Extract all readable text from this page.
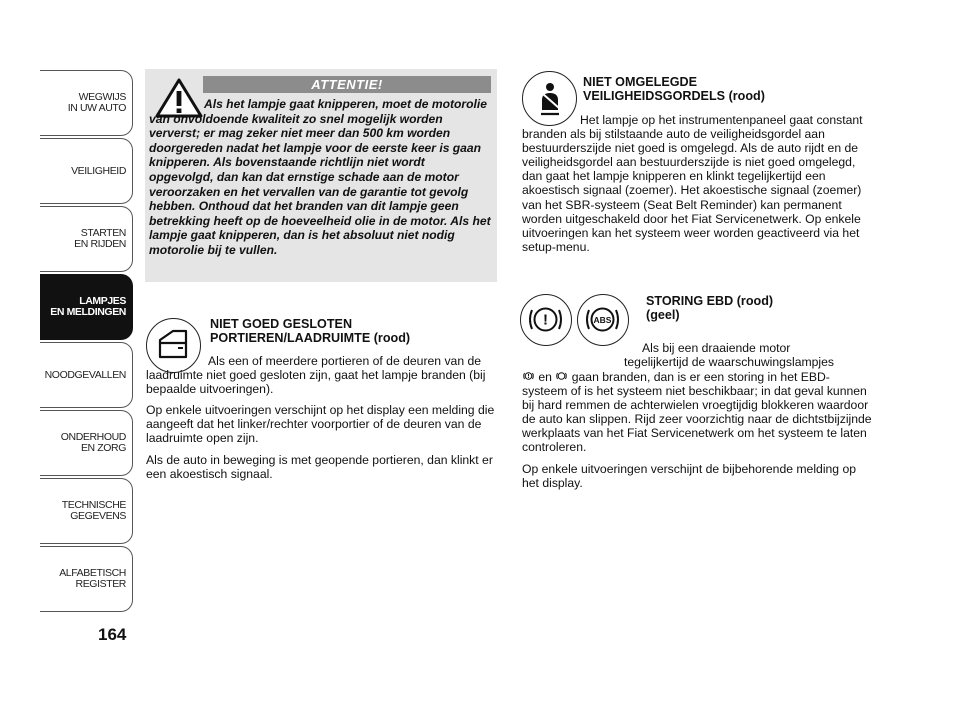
WEGWIJS
IN UW AUTO
VEILIGHEID
STARTEN
EN RIJDEN
LAMPJES
EN MELDINGEN
NOODGEVALLEN
ONDERHOUD
EN ZORG
TECHNISCHE
GEGEVENS
ALFABETISCH
REGISTER
164
ATTENTIE!
Als het lampje gaat knipperen, moet de motorolie van onvoldoende kwaliteit zo snel mogelijk worden ververst; er mag zeker niet meer dan 500 km worden doorgereden nadat het lampje voor de eerste keer is gaan knipperen. Als bovenstaande richtlijn niet wordt opgevolgd, dan kan dat ernstige schade aan de motor veroorzaken en het vervallen van de garantie tot gevolg hebben. Onthoud dat het branden van dit lampje geen betrekking heeft op de hoeveelheid olie in de motor. Als het lampje gaat knipperen, dan is het absoluut niet nodig motorolie bij te vullen.
NIET GOED GESLOTEN
PORTIEREN/LAADRUIMTE (rood)

Als een of meerdere portieren of de deuren van de laadruimte niet goed gesloten zijn, gaat het lampje branden (bij bepaalde uitvoeringen).

Op enkele uitvoeringen verschijnt op het display een melding die aangeeft dat het linker/rechter voorportier of de deuren van de laadruimte open zijn.

Als de auto in beweging is met geopende portieren, dan klinkt er een akoestisch signaal.

NIET OMGELEGDE
VEILIGHEIDSGORDELS (rood)

Het lampje op het instrumentenpaneel gaat constant branden als bij stilstaande auto de veiligheidsgordel aan bestuurderszijde niet goed is omgelegd. Als de auto rijdt en de veiligheidsgordel aan bestuurderszijde is niet goed omgelegd, dan gaat het lampje knipperen en klinkt tegelijkertijd een akoestisch signaal (zoemer). Het akoestische signaal (zoemer) van het SBR-systeem (Seat Belt Reminder) kan permanent worden uitgeschakeld door het Fiat Servicenetwerk. Op enkele uitvoeringen kan het systeem weer worden geactiveerd via het setup-menu.

!	ABS
STORING EBD (rood)
(geel)
Als bij een draaiende motor tegelijkertijd de waarschuwingslampjes

en gaan branden, dan is er een storing in het EBD-systeem of is het systeem niet beschikbaar; in dat geval kunnen bij hard remmen de achterwielen vroegtijdig blokkeren waardoor de auto kan slippen. Rijd zeer voorzichtig naar de dichtstbijzijnde werkplaats van het Fiat Servicenetwerk om het systeem te laten controleren.

Op enkele uitvoeringen verschijnt de bijbehorende melding op het display.
